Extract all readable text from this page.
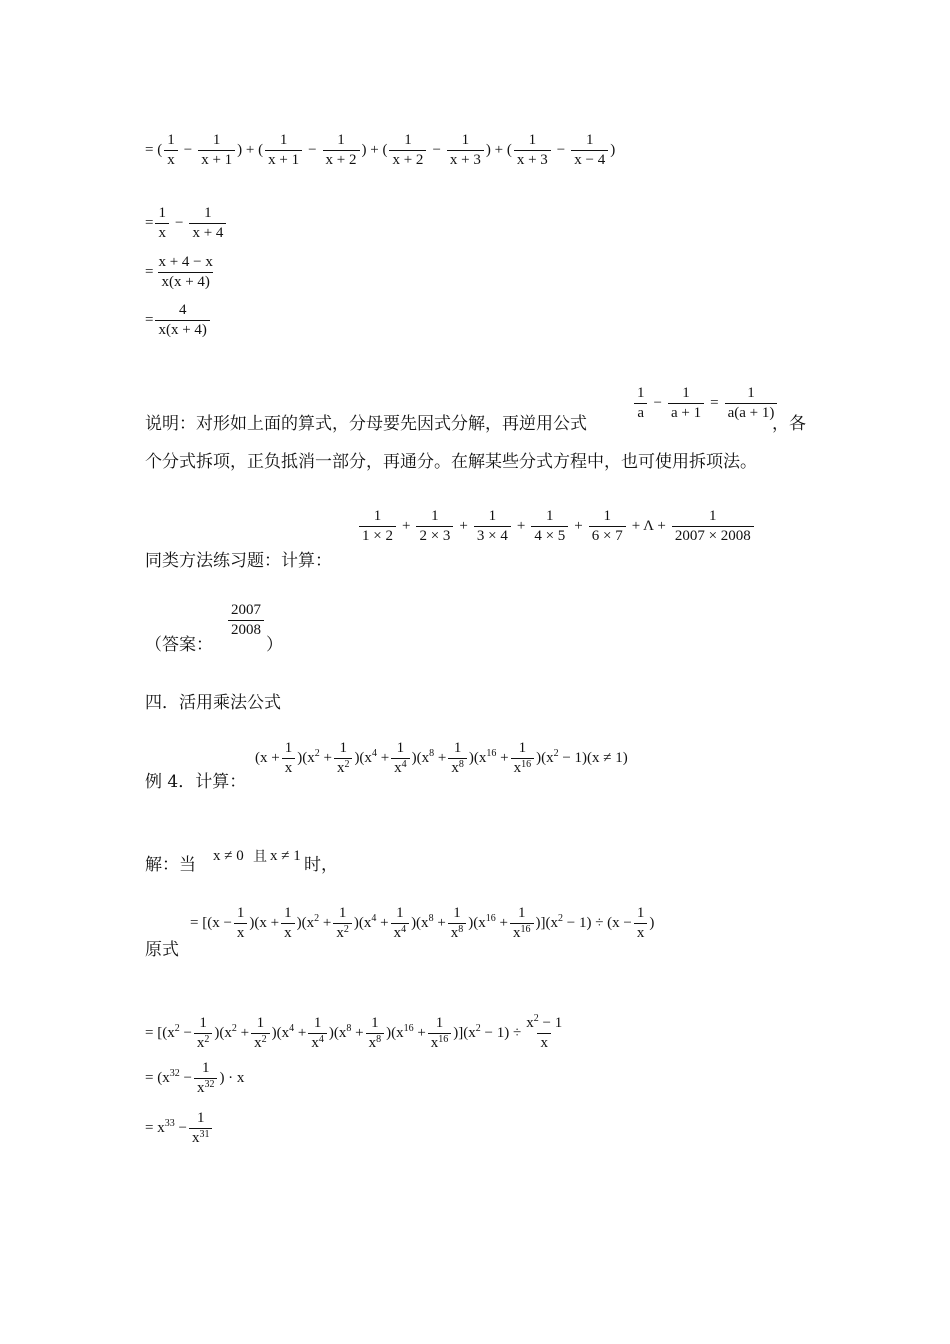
= ( $\frac{1}{x} - \frac{1}{x + 1}$ ) + ( $\frac{1}{x + 1} - \frac{1}{x + 2}$ ) + ( $\frac{1}{x + 2} - \frac{1}{x + 3}$ ) + ( $\frac{1}{x + 3} - \frac{1}{x - 4}$ )
= $\frac{1}{x} - \frac{1}{x + 4}$
= $\frac{x + 4 - x}{x(x + 4)}$
= $\frac{4}{x(x + 4)}$
说明：对形如上面的算式，分母要先因式分解，再逆用公式
$\frac{1}{a} - \frac{1}{a + 1} = \frac{1}{a(a + 1)}$
，各
个分式拆项，正负抵消一部分，再通分。在解某些分式方程中，也可使用拆项法。
同类方法练习题：计算：
$\frac{1}{1 \times 2} + \frac{1}{2 \times 3} + \frac{1}{3 \times 4} + \frac{1}{4 \times 5} + \frac{1}{6 \times 7} + \Lambda + \frac{1}{2007 \times 2008}$
（答案：
$\frac{2007}{2008}$
）
四．活用乘法公式
例 4．计算：
$(x + \frac{1}{x} )(x^2 + \frac{1}{x^2} )(x^4 + \frac{1}{x^4} )(x^8 + \frac{1}{x^8} )(x^{16} + \frac{1}{x^{16}} )(x^2 - 1)(x \ne 1)$
解：当 x ≠ 0 且 x ≠ 1 时，
原式
= $[(x - \frac{1}{x} )(x + \frac{1}{x} )(x^2 + \frac{1}{x^2} )(x^4 + \frac{1}{x^4} )(x^8 + \frac{1}{x^8} )(x^{16} + \frac{1}{x^{16}} )](x^2 - 1) \div (x - \frac{1}{x}$ )
= $[(x^2 - \frac{1}{x^2} )(x^2 + \frac{1}{x^2} )(x^4 + \frac{1}{x^4} )(x^8 + \frac{1}{x^8} )(x^{16} + \frac{1}{x^{16}} )](x^2 - 1) \div \frac{x^2 - 1}{x}$
= ($x^{32} - \frac{1}{x^{32}}$ ) · x
= $x^{33} - \frac{1}{x^{31}}$
